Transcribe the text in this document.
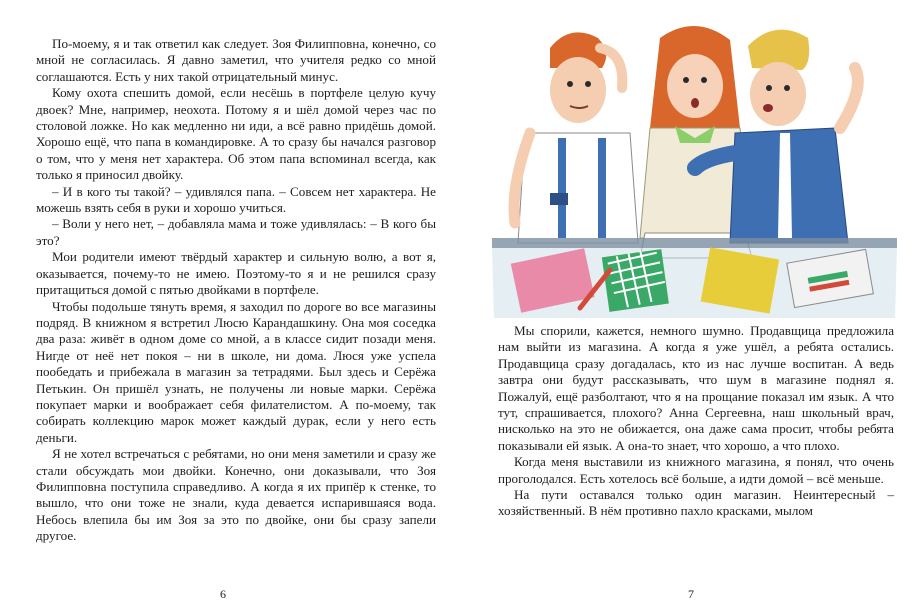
По-моему, я и так ответил как следует. Зоя Филипповна, конечно, со мной не согласилась. Я давно заметил, что учителя редко со мной соглашаются. Есть у них такой отрицательный минус.

Кому охота спешить домой, если несёшь в портфеле целую кучу двоек? Мне, например, неохота. Потому я и шёл домой через час по столовой ложке. Но как медленно ни иди, а всё равно придёшь домой. Хорошо ещё, что папа в командировке. А то сразу бы начался разговор о том, что у меня нет характера. Об этом папа вспоминал всегда, как только я приносил двойку.

– И в кого ты такой? – удивлялся папа. – Совсем нет характера. Не можешь взять себя в руки и хорошо учиться.

– Воли у него нет, – добавляла мама и тоже удивлялась: – В кого бы это?

Мои родители имеют твёрдый характер и сильную волю, а вот я, оказывается, почему-то не имею. Поэтому-то я и не решился сразу притащиться домой с пятью двойками в портфеле.

Чтобы подольше тянуть время, я заходил по дороге во все магазины подряд. В книжном я встретил Люсю Карандашкину. Она моя соседка два раза: живёт в одном доме со мной, а в классе сидит позади меня. Нигде от неё нет покоя – ни в школе, ни дома. Люся уже успела пообедать и прибежала в магазин за тетрадями. Был здесь и Серёжа Петькин. Он пришёл узнать, не получены ли новые марки. Серёжа покупает марки и воображает себя филателистом. А по-моему, так собирать коллекцию марок может каждый дурак, если у него есть деньги.

Я не хотел встречаться с ребятами, но они меня заметили и сразу же стали обсуждать мои двойки. Конечно, они доказывали, что Зоя Филипповна поступила справедливо. А когда я их припёр к стенке, то вышло, что они тоже не знали, куда девается испарившаяся вода. Небось влепила бы им Зоя за это по двойке, они бы сразу запели другое.

6

Мы спорили, кажется, немного шумно. Продавщица предложила нам выйти из магазина. А когда я уже ушёл, а ребята остались. Продавщица сразу догадалась, кто из нас лучше воспитан. А ведь завтра они будут рассказывать, что шум в магазине поднял я. Пожалуй, ещё разболтают, что я на прощание показал им язык. А что тут, спрашивается, плохого? Анна Сергеевна, наш школьный врач, нисколько на это не обижается, она даже сама просит, чтобы ребята показывали ей язык. А она-то знает, что хорошо, а что плохо.

Когда меня выставили из книжного магазина, я понял, что очень проголодался. Есть хотелось всё больше, а идти домой – всё меньше.

На пути оставался только один магазин. Неинтересный – хозяйственный. В нём противно пахло красками, мылом

7
